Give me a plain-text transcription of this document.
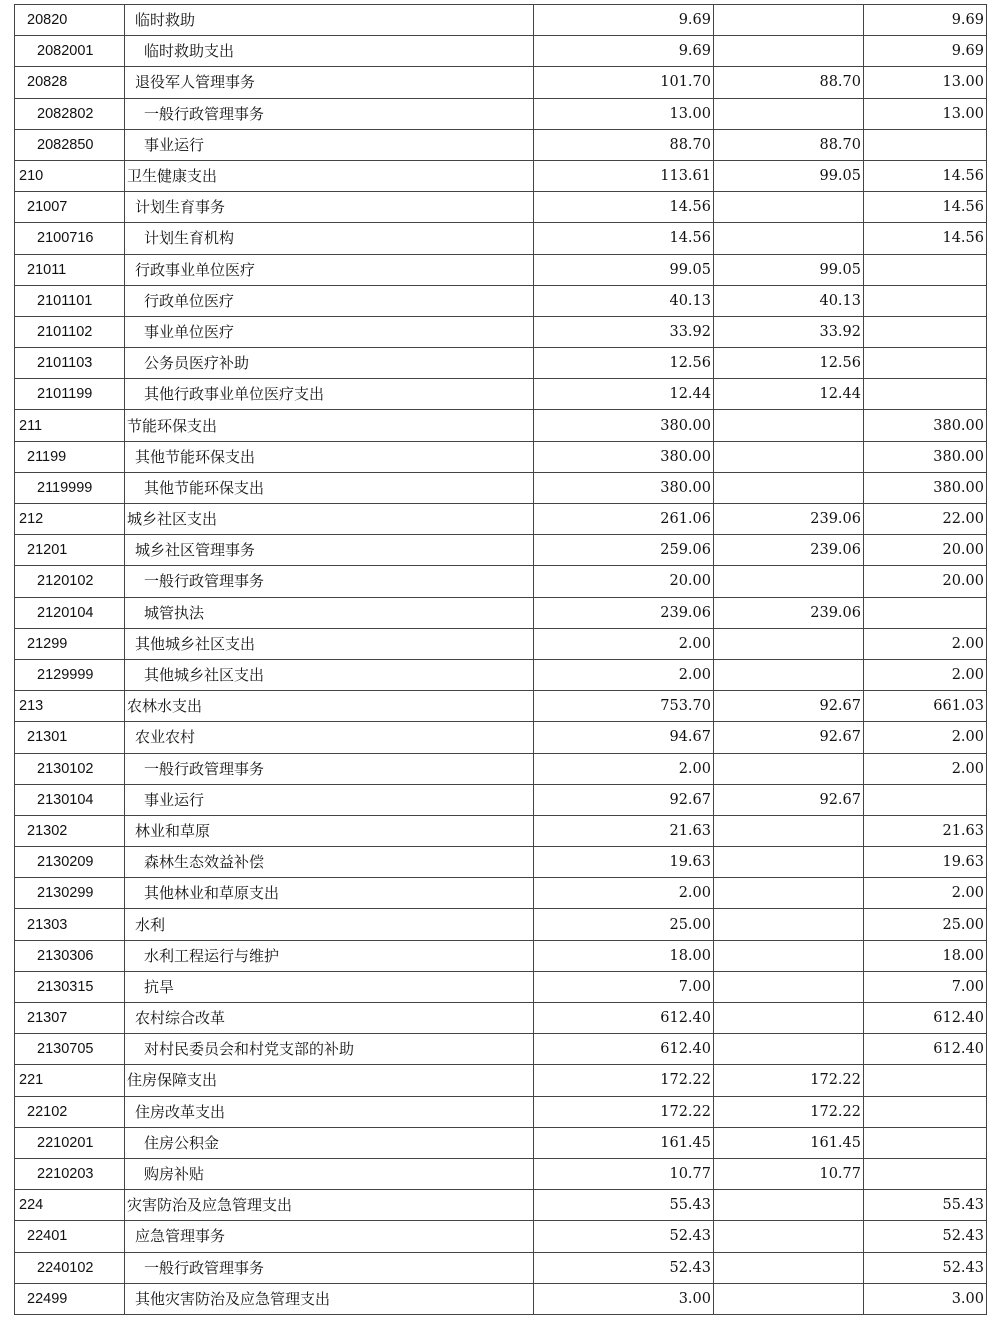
20820	临时救助	9.69		9.69
2082001	临时救助支出	9.69		9.69
20828	退役军人管理事务	101.70	88.70	13.00
2082802	一般行政管理事务	13.00		13.00
2082850	事业运行	88.70	88.70	
210	卫生健康支出	113.61	99.05	14.56
21007	计划生育事务	14.56		14.56
2100716	计划生育机构	14.56		14.56
21011	行政事业单位医疗	99.05	99.05	
2101101	行政单位医疗	40.13	40.13	
2101102	事业单位医疗	33.92	33.92	
2101103	公务员医疗补助	12.56	12.56	
2101199	其他行政事业单位医疗支出	12.44	12.44	
211	节能环保支出	380.00		380.00
21199	其他节能环保支出	380.00		380.00
2119999	其他节能环保支出	380.00		380.00
212	城乡社区支出	261.06	239.06	22.00
21201	城乡社区管理事务	259.06	239.06	20.00
2120102	一般行政管理事务	20.00		20.00
2120104	城管执法	239.06	239.06	
21299	其他城乡社区支出	2.00		2.00
2129999	其他城乡社区支出	2.00		2.00
213	农林水支出	753.70	92.67	661.03
21301	农业农村	94.67	92.67	2.00
2130102	一般行政管理事务	2.00		2.00
2130104	事业运行	92.67	92.67	
21302	林业和草原	21.63		21.63
2130209	森林生态效益补偿	19.63		19.63
2130299	其他林业和草原支出	2.00		2.00
21303	水利	25.00		25.00
2130306	水利工程运行与维护	18.00		18.00
2130315	抗旱	7.00		7.00
21307	农村综合改革	612.40		612.40
2130705	对村民委员会和村党支部的补助	612.40		612.40
221	住房保障支出	172.22	172.22	
22102	住房改革支出	172.22	172.22	
2210201	住房公积金	161.45	161.45	
2210203	购房补贴	10.77	10.77	
224	灾害防治及应急管理支出	55.43		55.43
22401	应急管理事务	52.43		52.43
2240102	一般行政管理事务	52.43		52.43
22499	其他灾害防治及应急管理支出	3.00		3.00
